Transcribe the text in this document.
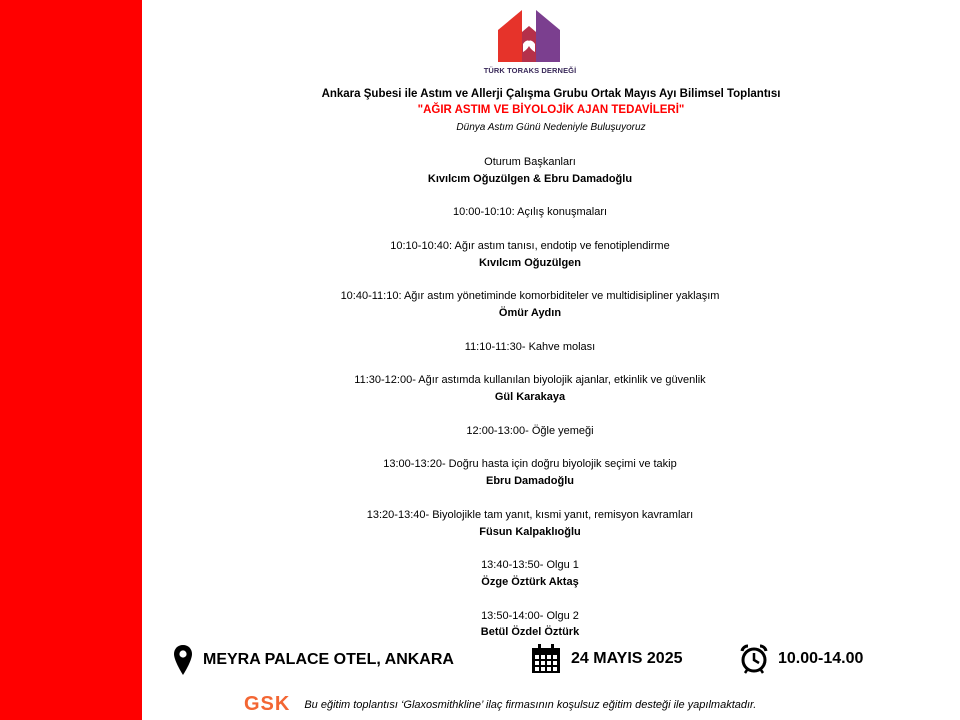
TÜRK TORAKS DERNEĞİ
Ankara Şubesi ile Astım ve Allerji Çalışma Grubu Ortak Mayıs Ayı Bilimsel Toplantısı
"AĞIR ASTIM VE BİYOLOJİK AJAN TEDAVİLERİ"
Dünya Astım Günü Nedeniyle Buluşuyoruz
Oturum Başkanları
Kıvılcım Oğuzülgen & Ebru Damadoğlu
10:00-10:10: Açılış konuşmaları
10:10-10:40: Ağır astım tanısı, endotip ve fenotiplendirme
Kıvılcım Oğuzülgen
10:40-11:10: Ağır astım yönetiminde komorbiditeler ve multidisipliner yaklaşım
Ömür Aydın
11:10-11:30- Kahve molası
11:30-12:00- Ağır astımda kullanılan biyolojik ajanlar, etkinlik ve güvenlik
Gül Karakaya
12:00-13:00- Öğle yemeği
13:00-13:20- Doğru hasta için doğru biyolojik seçimi ve takip
Ebru Damadoğlu
13:20-13:40- Biyolojikle tam yanıt, kısmi yanıt, remisyon kavramları
Füsun Kalpaklıoğlu
13:40-13:50- Olgu 1
Özge Öztürk Aktaş
13:50-14:00- Olgu 2
Betül Özdel Öztürk
MEYRA PALACE OTEL, ANKARA	24 MAYIS 2025	10.00-14.00
GSK Bu eğitim toplantısı ‘Glaxosmithkline’ ilaç firmasının koşulsuz eğitim desteği ile yapılmaktadır.
